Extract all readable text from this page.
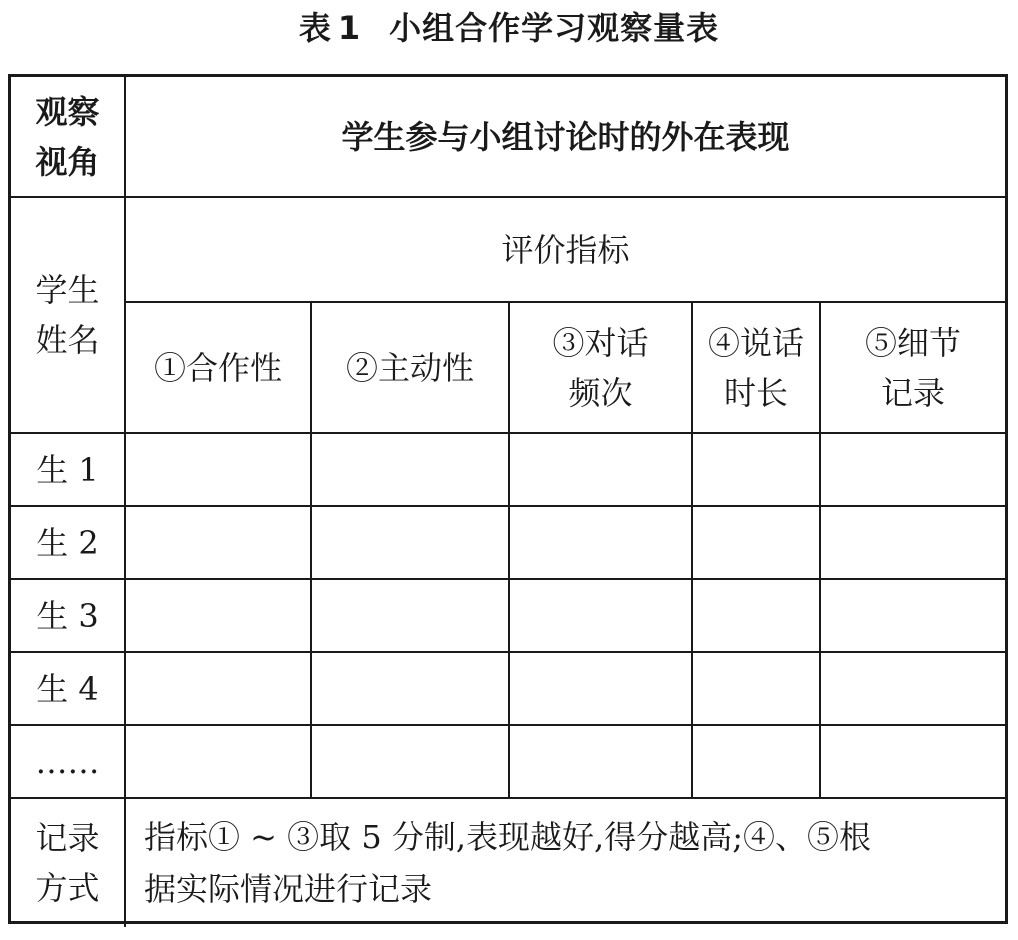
表 1 小组合作学习观察量表
观察
视角
学生参与小组讨论时的外在表现
学生
姓名
评价指标
①合作性 ②主动性
③对话
频次
④说话
时长
⑤细节
记录
生 1
生 2
生 3
生 4
……
记录
方式
指标① ~ ③取 5 分制,表现越好,得分越高;④、⑤根
据实际情况进行记录
